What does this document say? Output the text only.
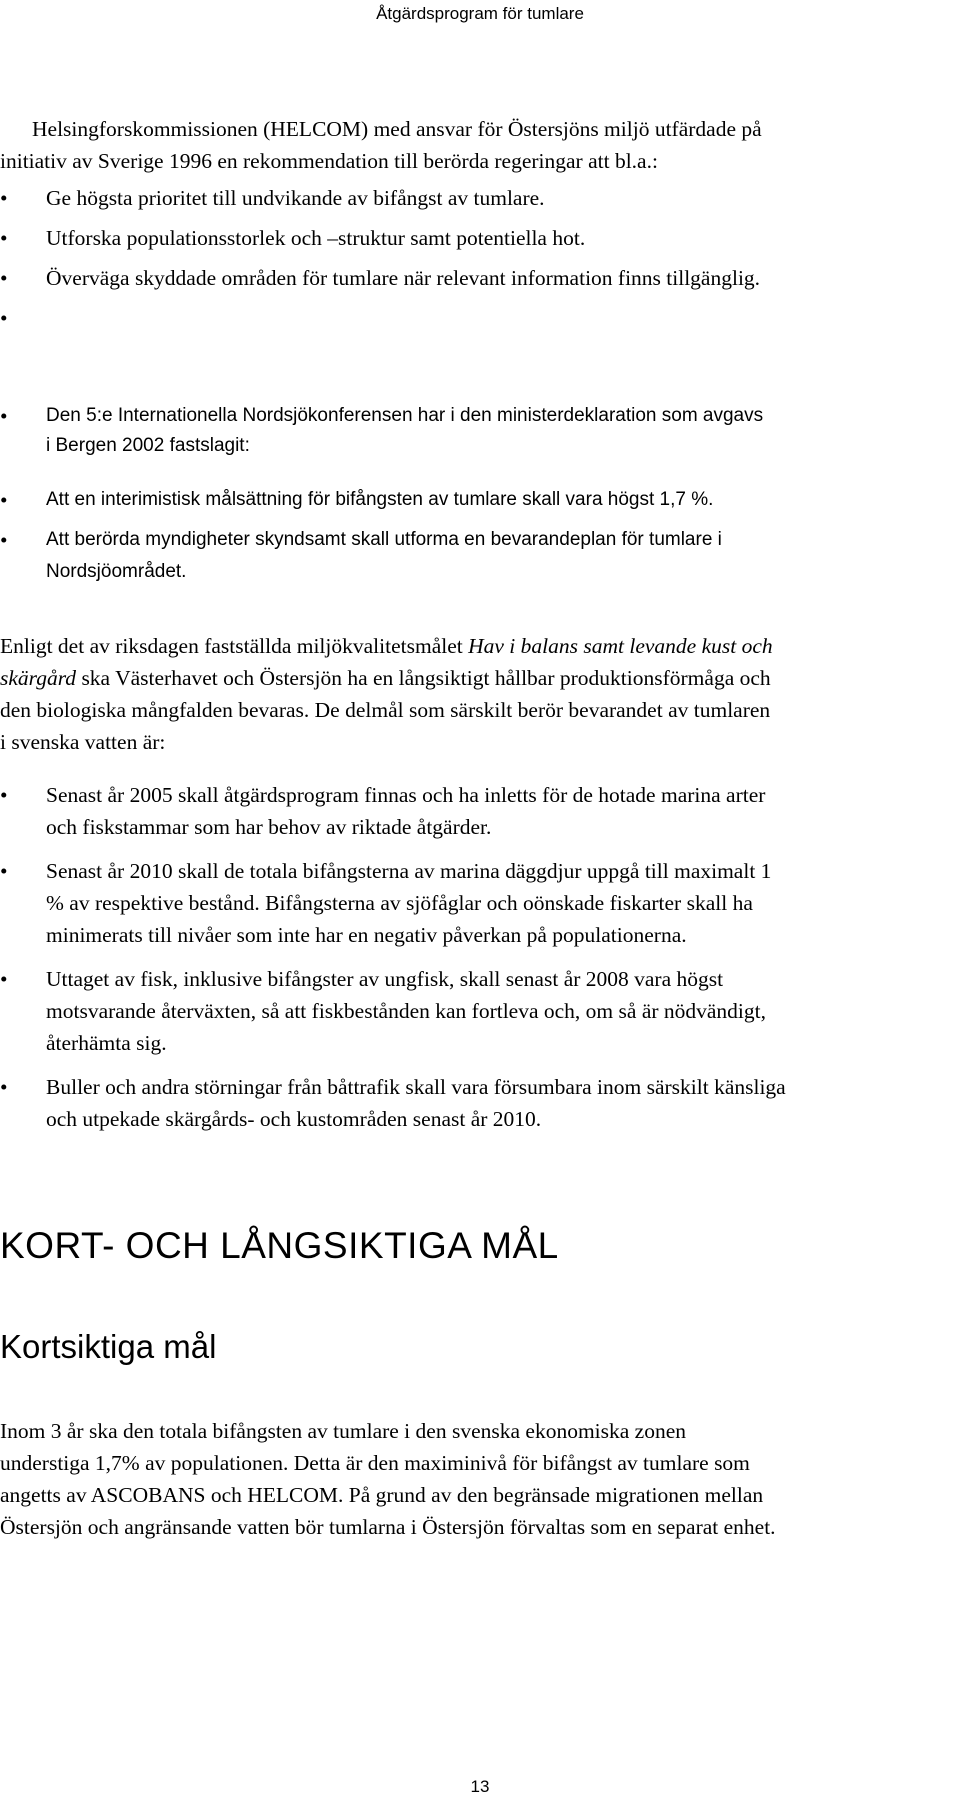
Åtgärdsprogram för tumlare
Helsingforskommissionen (HELCOM) med ansvar för Östersjöns miljö utfärdade på
initiativ av Sverige 1996 en rekommendation till berörda regeringar att bl.a.:
•	Ge högsta prioritet till undvikande av bifångst av tumlare.
•	Utforska populationsstorlek och –struktur samt potentiella hot.
•	Överväga skyddade områden för tumlare när relevant information finns tillgänglig.
•
•	Den 5:e Internationella Nordsjökonferensen har i den ministerdeklaration som avgavs
i Bergen 2002 fastslagit:
•	Att en interimistisk målsättning för bifångsten av tumlare skall vara högst 1,7 %.
•	Att berörda myndigheter skyndsamt skall utforma en bevarandeplan för tumlare i
Nordsjöområdet.
Enligt det av riksdagen fastställda miljökvalitetsmålet Hav i balans samt levande kust och
skärgård ska Västerhavet och Östersjön ha en långsiktigt hållbar produktionsförmåga och
den biologiska mångfalden bevaras. De delmål som särskilt berör bevarandet av tumlaren
i svenska vatten är:
•	Senast år 2005 skall åtgärdsprogram finnas och ha inletts för de hotade marina arter
och fiskstammar som har behov av riktade åtgärder.
•	Senast år 2010 skall de totala bifångsterna av marina däggdjur uppgå till maximalt 1
% av respektive bestånd. Bifångsterna av sjöfåglar och oönskade fiskarter skall ha
minimerats till nivåer som inte har en negativ påverkan på populationerna.
•	Uttaget av fisk, inklusive bifångster av ungfisk, skall senast år 2008 vara högst
motsvarande återväxten, så att fiskbestånden kan fortleva och, om så är nödvändigt,
återhämta sig.
•	Buller och andra störningar från båttrafik skall vara försumbara inom särskilt känsliga
och utpekade skärgårds- och kustområden senast år 2010.
KORT- OCH LÅNGSIKTIGA MÅL
Kortsiktiga mål
Inom 3 år ska den totala bifångsten av tumlare i den svenska ekonomiska zonen
understiga 1,7% av populationen. Detta är den maximinivå för bifångst av tumlare som
angetts av ASCOBANS och HELCOM. På grund av den begränsade migrationen mellan
Östersjön och angränsande vatten bör tumlarna i Östersjön förvaltas som en separat enhet.
13
